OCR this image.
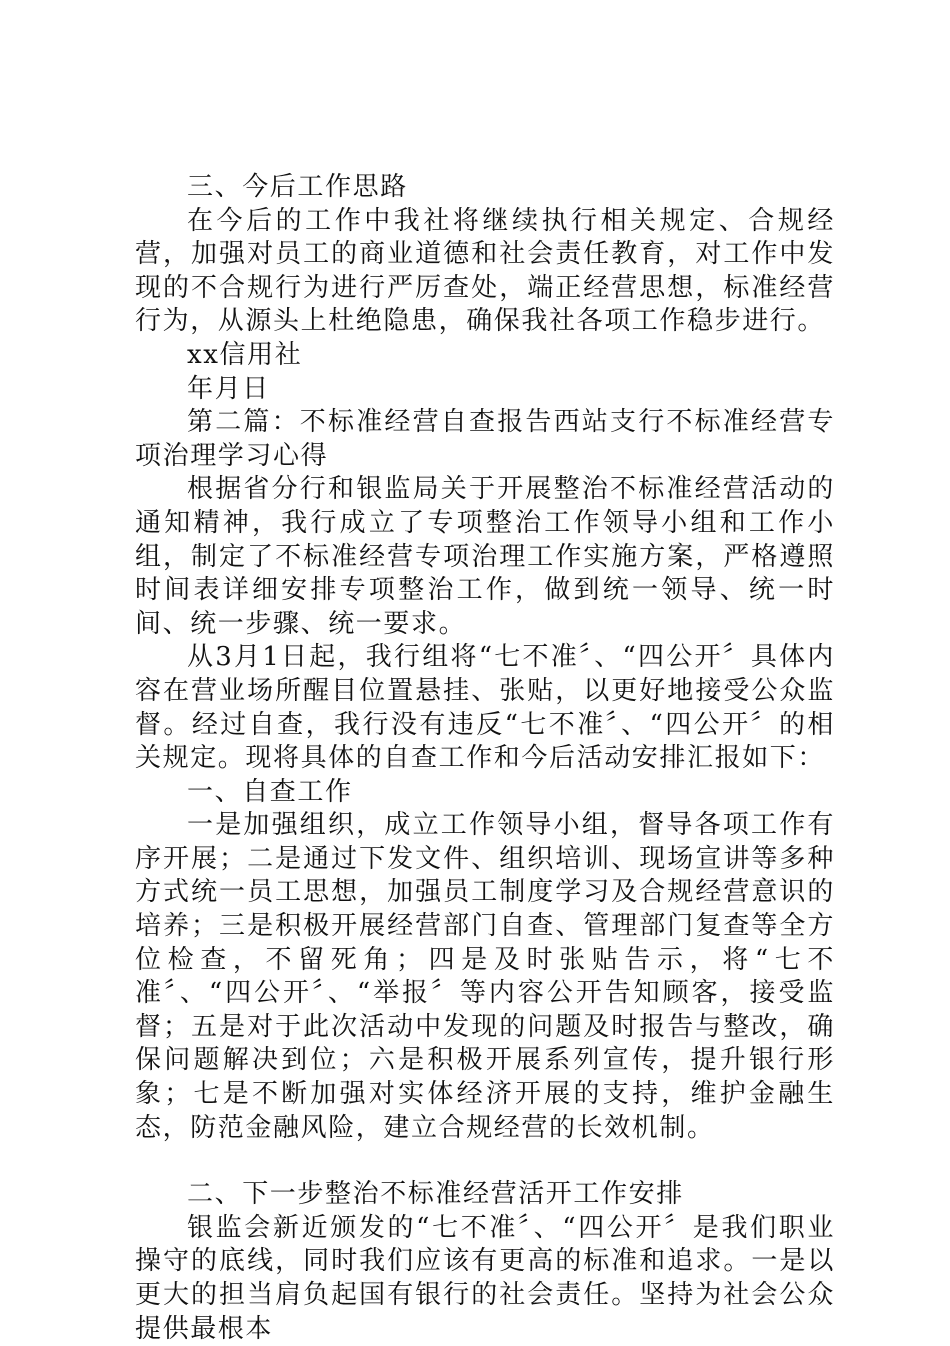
三、今后工作思路

在今后的工作中我社将继续执行相关规定、合规经营，加强对员工的商业道德和社会责任教育，对工作中发现的不合规行为进行严厉查处，端正经营思想，标准经营行为，从源头上杜绝隐患，确保我社各项工作稳步进行。

xx信用社

年月日

第二篇：不标准经营自查报告西站支行不标准经营专项治理学习心得

根据省分行和银监局关于开展整治不标准经营活动的通知精神，我行成立了专项整治工作领导小组和工作小组，制定了不标准经营专项治理工作实施方案，严格遵照时间表详细安排专项整治工作，做到统一领导、统一时间、统一步骤、统一要求。

从3月1日起，我行组将“七不准〞、“四公开〞具体内容在营业场所醒目位置悬挂、张贴，以更好地接受公众监督。经过自查，我行没有违反“七不准〞、“四公开〞的相关规定。现将具体的自查工作和今后活动安排汇报如下：

一、自查工作

一是加强组织，成立工作领导小组，督导各项工作有序开展；二是通过下发文件、组织培训、现场宣讲等多种方式统一员工思想，加强员工制度学习及合规经营意识的培养；三是积极开展经营部门自查、管理部门复查等全方位检查，不留死角；四是及时张贴告示，将“七不准〞、“四公开〞、“举报〞等内容公开告知顾客，接受监督；五是对于此次活动中发现的问题及时报告与整改，确保问题解决到位；六是积极开展系列宣传，提升银行形象；七是不断加强对实体经济开展的支持，维护金融生态，防范金融风险，建立合规经营的长效机制。

二、下一步整治不标准经营活开工作安排

银监会新近颁发的“七不准〞、“四公开〞是我们职业操守的底线，同时我们应该有更高的标准和追求。一是以更大的担当肩负起国有银行的社会责任。坚持为社会公众提供最根本
